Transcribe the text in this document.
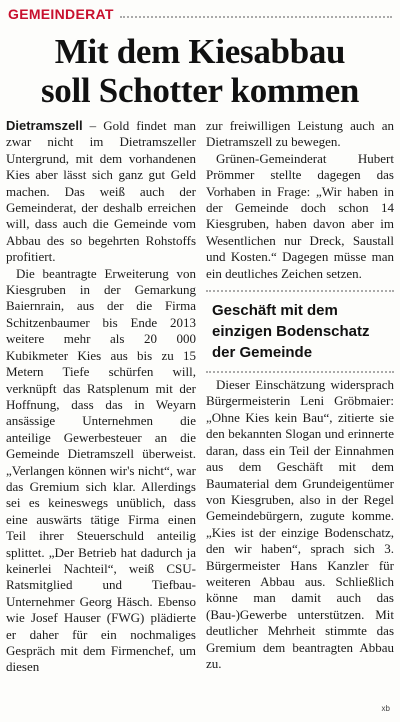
GEMEINDERAT
Mit dem Kiesabbau
soll Schotter kommen

Dietramszell – Gold findet man zwar nicht im Dietramszeller Untergrund, mit dem vorhandenen Kies aber lässt sich ganz gut Geld machen. Das weiß auch der Gemeinderat, der deshalb erreichen will, dass auch die Gemeinde vom Abbau des so begehrten Rohstoffs profitiert.

Die beantragte Erweiterung von Kiesgruben in der Gemarkung Baiernrain, aus der die Firma Schitzenbaumer bis Ende 2013 weitere mehr als 20 000 Kubikmeter Kies aus bis zu 15 Metern Tiefe schürfen will, verknüpft das Ratsplenum mit der Hoffnung, dass das in Weyarn ansässige Unternehmen die anteilige Gewerbesteuer an die Gemeinde Dietramszell überweist. „Verlangen können wir's nicht“, war das Gremium sich klar. Allerdings sei es keineswegs unüblich, dass eine auswärts tätige Firma einen Teil ihrer Steuerschuld anteilig splittet. „Der Betrieb hat dadurch ja keinerlei Nachteil“, weiß CSU-Ratsmitglied und Tiefbau-Unternehmer Georg Häsch. Ebenso wie Josef Hauser (FWG) plädierte er daher für ein nochmaliges Gespräch mit dem Firmenchef, um diesen

zur freiwilligen Leistung auch an Dietramszell zu bewegen.

Grünen-Gemeinderat Hubert Prömmer stellte dagegen das Vorhaben in Frage: „Wir haben in der Gemeinde doch schon 14 Kiesgruben, haben davon aber im Wesentlichen nur Dreck, Saustall und Kosten.“ Dagegen müsse man ein deutliches Zeichen setzen.

Geschäft mit dem einzigen Bodenschatz der Gemeinde

Dieser Einschätzung widersprach Bürgermeisterin Leni Gröbmaier: „Ohne Kies kein Bau“, zitierte sie den bekannten Slogan und erinnerte daran, dass ein Teil der Einnahmen aus dem Geschäft mit dem Baumaterial dem Grundeigentümer von Kiesgruben, also in der Regel Gemeindebürgern, zugute komme. „Kies ist der einzige Bodenschatz, den wir haben“, sprach sich 3. Bürgermeister Hans Kanzler für weiteren Abbau aus. Schließlich könne man damit auch das (Bau-)Gewerbe unterstützen. Mit deutlicher Mehrheit stimmte das Gremium dem beantragten Abbau zu.

xb
